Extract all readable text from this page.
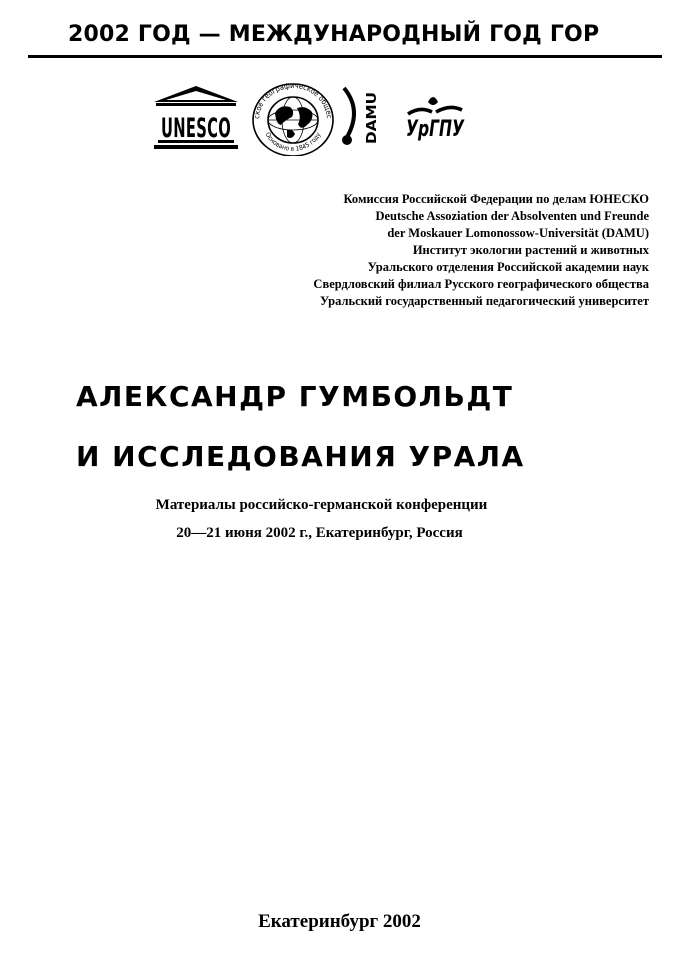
2002 ГОД — МЕЖДУНАРОДНЫЙ ГОД ГОР
UNESCO	ское географическое общес
Основано в 1845 году	DAMU УрГПУ
Комиссия Российской Федерации по делам ЮНЕСКО
Deutsche Assoziation der Absolventen und Freunde
der Moskauer Lomonossow-Universität (DAMU)
Институт экологии растений и животных
Уральского отделения Российской академии наук
Свердловский филиал Русского географического общества
Уральский государственный педагогический университет
АЛЕКСАНДР ГУМБОЛЬДТ
И ИССЛЕДОВАНИЯ УРАЛА
Материалы российско-германской конференции
20—21 июня 2002 г., Екатеринбург, Россия
Екатеринбург 2002
